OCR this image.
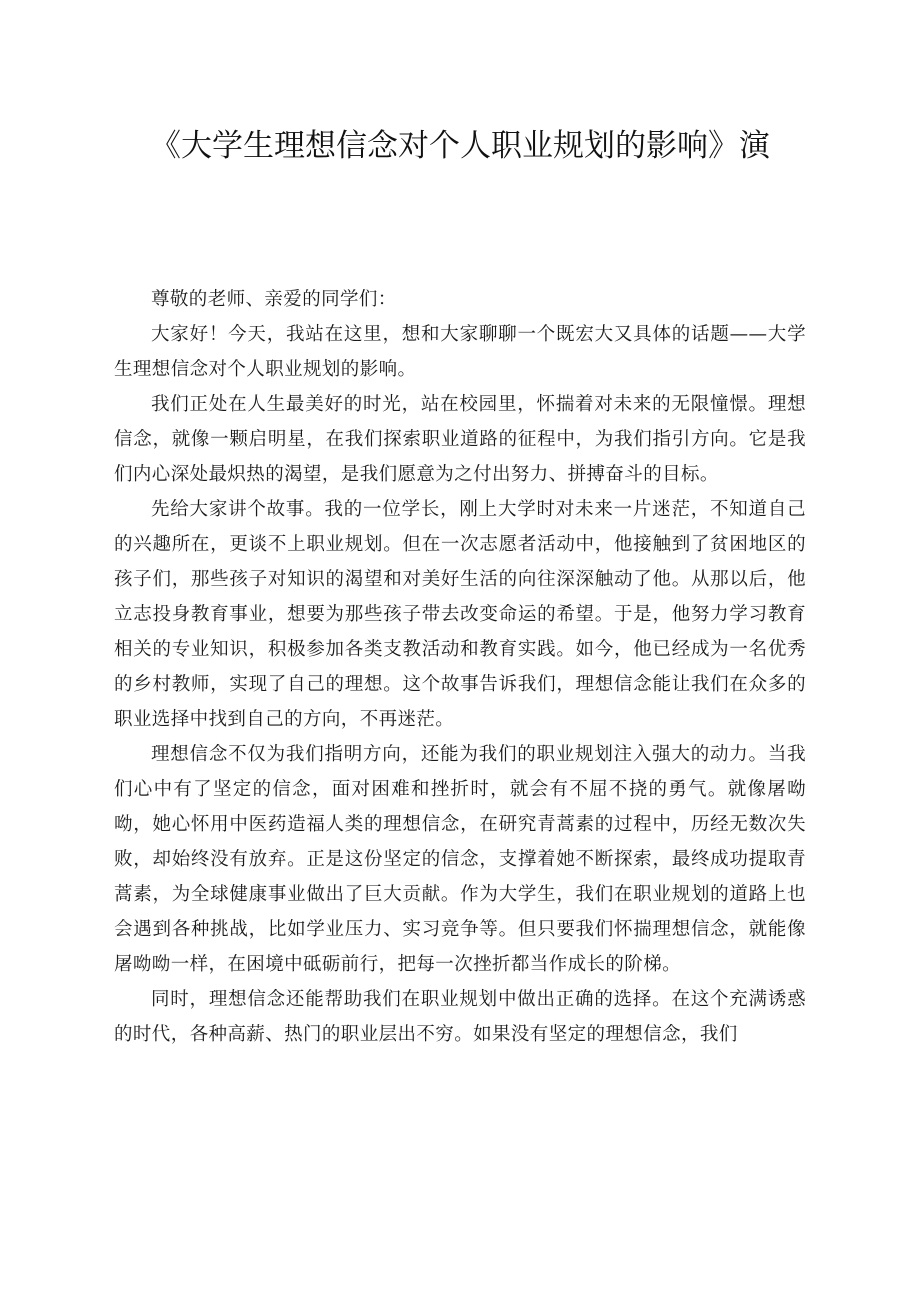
《大学生理想信念对个人职业规划的影响》演

尊敬的老师、亲爱的同学们：

大家好！今天，我站在这里，想和大家聊聊一个既宏大又具体的话题——大学生理想信念对个人职业规划的影响。

我们正处在人生最美好的时光，站在校园里，怀揣着对未来的无限憧憬。理想信念，就像一颗启明星，在我们探索职业道路的征程中，为我们指引方向。它是我们内心深处最炽热的渴望，是我们愿意为之付出努力、拼搏奋斗的目标。

先给大家讲个故事。我的一位学长，刚上大学时对未来一片迷茫，不知道自己的兴趣所在，更谈不上职业规划。但在一次志愿者活动中，他接触到了贫困地区的孩子们，那些孩子对知识的渴望和对美好生活的向往深深触动了他。从那以后，他立志投身教育事业，想要为那些孩子带去改变命运的希望。于是，他努力学习教育相关的专业知识，积极参加各类支教活动和教育实践。如今，他已经成为一名优秀的乡村教师，实现了自己的理想。这个故事告诉我们，理想信念能让我们在众多的职业选择中找到自己的方向，不再迷茫。

理想信念不仅为我们指明方向，还能为我们的职业规划注入强大的动力。当我们心中有了坚定的信念，面对困难和挫折时，就会有不屈不挠的勇气。就像屠呦呦，她心怀用中医药造福人类的理想信念，在研究青蒿素的过程中，历经无数次失败，却始终没有放弃。正是这份坚定的信念，支撑着她不断探索，最终成功提取青蒿素，为全球健康事业做出了巨大贡献。作为大学生，我们在职业规划的道路上也会遇到各种挑战，比如学业压力、实习竞争等。但只要我们怀揣理想信念，就能像屠呦呦一样，在困境中砥砺前行，把每一次挫折都当作成长的阶梯。

同时，理想信念还能帮助我们在职业规划中做出正确的选择。在这个充满诱惑的时代，各种高薪、热门的职业层出不穷。如果没有坚定的理想信念，我们
